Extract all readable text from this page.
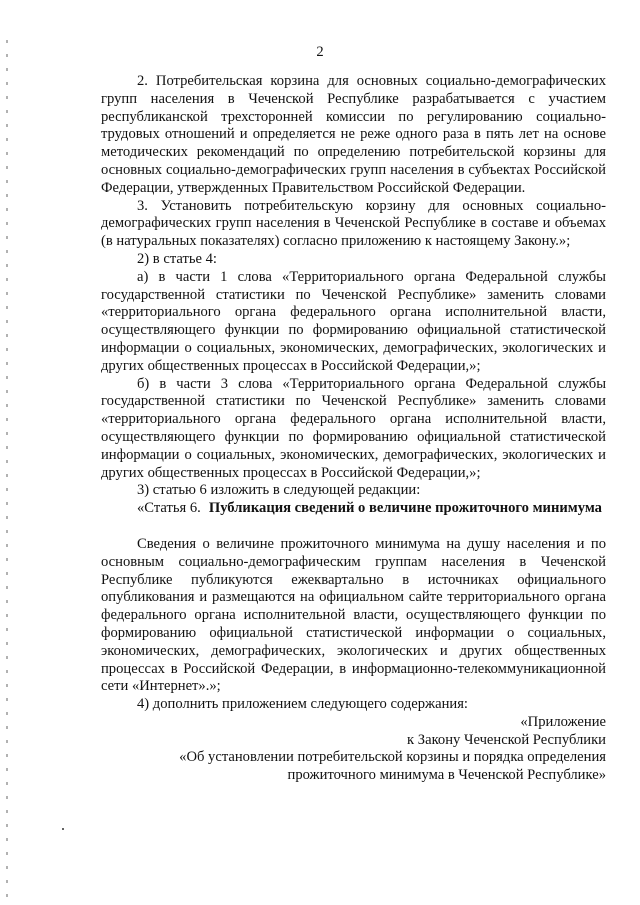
2

2. Потребительская корзина для основных социально-демографических групп населения в Чеченской Республике разрабатывается с участием республиканской трехсторонней комиссии по регулированию социально-трудовых отношений и определяется не реже одного раза в пять лет на основе методических рекомендаций по определению потребительской корзины для основных социально-демографических групп населения в субъектах Российской Федерации, утвержденных Правительством Российской Федерации.

3. Установить потребительскую корзину для основных социально-демографических групп населения в Чеченской Республике в составе и объемах (в натуральных показателях) согласно приложению к настоящему Закону.»;

2) в статье 4:

а) в части 1 слова «Территориального органа Федеральной службы государственной статистики по Чеченской Республике» заменить словами «территориального органа федерального органа исполнительной власти, осуществляющего функции по формированию официальной статистической информации о социальных, экономических, демографических, экологических и других общественных процессах в Российской Федерации,»;

б) в части 3 слова «Территориального органа Федеральной службы государственной статистики по Чеченской Республике» заменить словами «территориального органа федерального органа исполнительной власти, осуществляющего функции по формированию официальной статистической информации о социальных, экономических, демографических, экологических и других общественных процессах в Российской Федерации,»;

3) статью 6 изложить в следующей редакции:

«Статья 6. Публикация сведений о величине прожиточного минимума

Сведения о величине прожиточного минимума на душу населения и по основным социально-демографическим группам населения в Чеченской Республике публикуются ежеквартально в источниках официального опубликования и размещаются на официальном сайте территориального органа федерального органа исполнительной власти, осуществляющего функции по формированию официальной статистической информации о социальных, экономических, демографических, экологических и других общественных процессах в Российской Федерации, в информационно-телекоммуникационной сети «Интернет».»;

4) дополнить приложением следующего содержания:

«Приложение
к Закону Чеченской Республики
«Об установлении потребительской корзины и порядка определения
прожиточного минимума в Чеченской Республике»
